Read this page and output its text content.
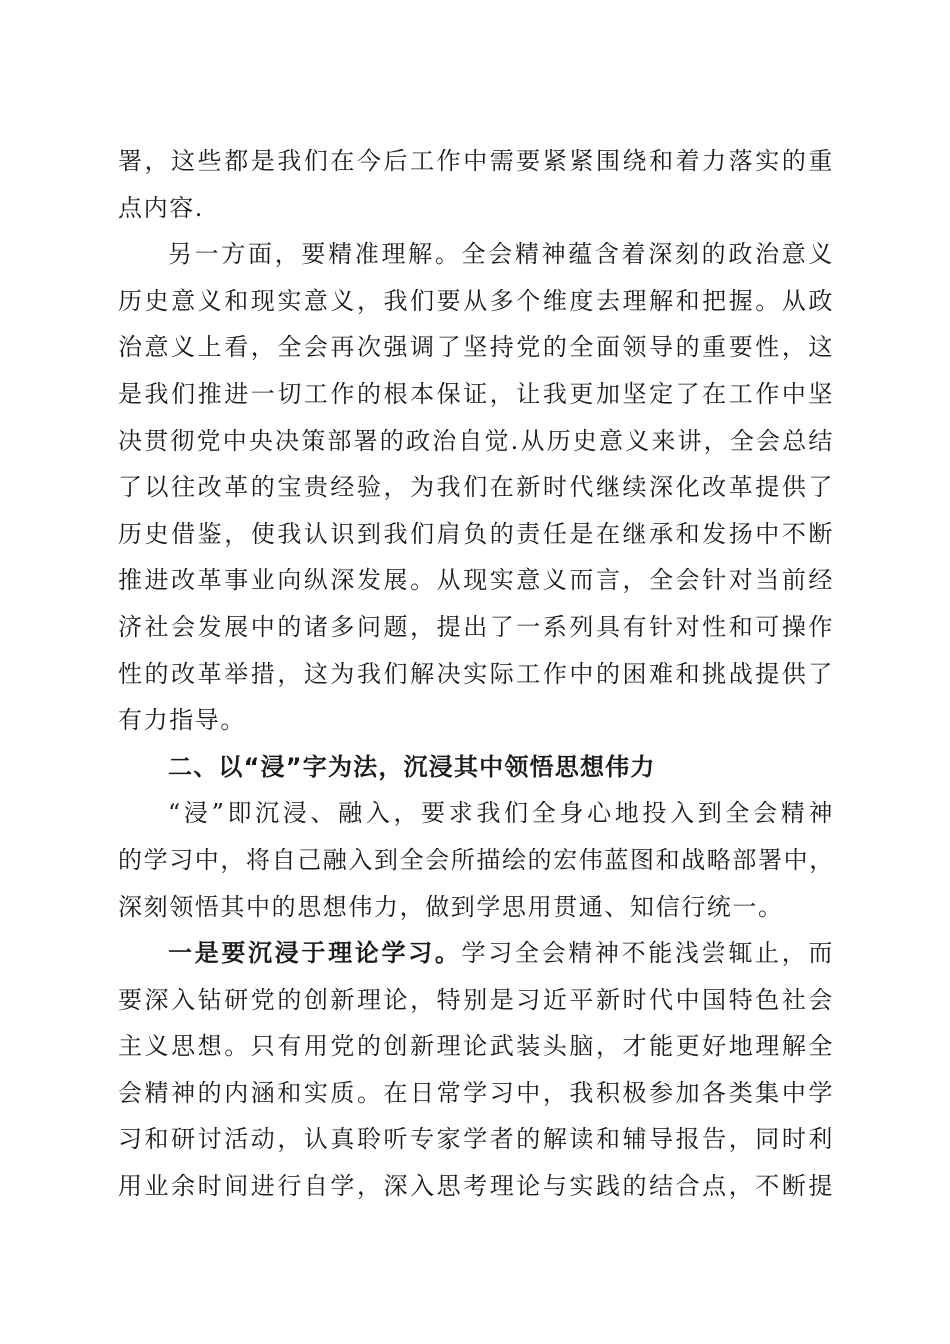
署，这些都是我们在今后工作中需要紧紧围绕和着力落实的重
点内容.
另一方面，要精准理解。全会精神蕴含着深刻的政治意义
历史意义和现实意义，我们要从多个维度去理解和把握。从政
治意义上看，全会再次强调了坚持党的全面领导的重要性，这
是我们推进一切工作的根本保证，让我更加坚定了在工作中坚
决贯彻党中央决策部署的政治自觉.从历史意义来讲，全会总结
了以往改革的宝贵经验，为我们在新时代继续深化改革提供了
历史借鉴，使我认识到我们肩负的责任是在继承和发扬中不断
推进改革事业向纵深发展。从现实意义而言，全会针对当前经
济社会发展中的诸多问题，提出了一系列具有针对性和可操作
性的改革举措，这为我们解决实际工作中的困难和挑战提供了
有力指导。
二、以“浸”字为法，沉浸其中领悟思想伟力
“浸”即沉浸、融入，要求我们全身心地投入到全会精神
的学习中，将自己融入到全会所描绘的宏伟蓝图和战略部署中，
深刻领悟其中的思想伟力，做到学思用贯通、知信行统一。
一是要沉浸于理论学习。学习全会精神不能浅尝辄止，而
要深入钻研党的创新理论，特别是习近平新时代中国特色社会
主义思想。只有用党的创新理论武装头脑，才能更好地理解全
会精神的内涵和实质。在日常学习中，我积极参加各类集中学
习和研讨活动，认真聆听专家学者的解读和辅导报告，同时利
用业余时间进行自学，深入思考理论与实践的结合点，不断提
